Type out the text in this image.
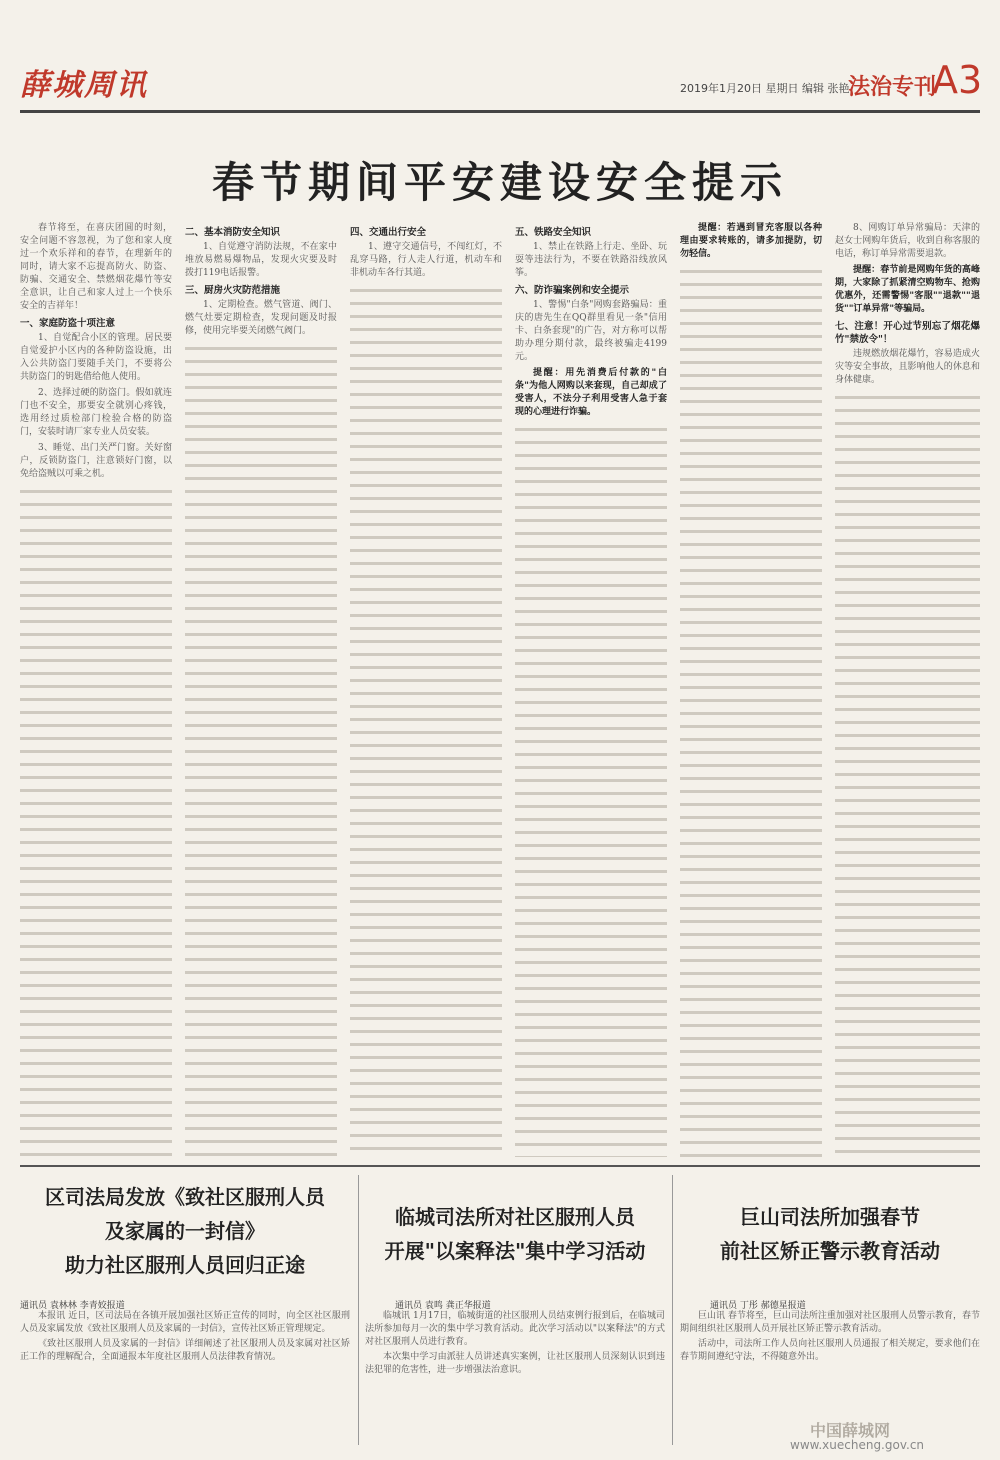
薛城周讯	2019年1月20日 星期日 编辑 张艳
法治专刊
A3
春节期间平安建设安全提示

春节将至，在喜庆团圆的时刻，安全问题不容忽视，为了您和家人度过一个欢乐祥和的春节，在理新年的同时，请大家不忘提高防火、防盗、防骗、交通安全、禁燃烟花爆竹等安全意识，让自己和家人过上一个快乐安全的吉祥年！

一、家庭防盗十项注意

1、自觉配合小区的管理。居民要自觉爱护小区内的各种防盗设施，出入公共防盗门要随手关门，不要将公共防盗门的钥匙借给他人使用。

2、选择过硬的防盗门。假如就连门也不安全，那要安全就别心疼钱，选用经过质检部门检验合格的防盗门，安装时请厂家专业人员安装。

3、睡觉、出门关严门窗。关好窗户，反锁防盗门，注意锁好门窗，以免给盗贼以可乘之机。

二、基本消防安全知识

1、自觉遵守消防法规，不在家中堆放易燃易爆物品，发现火灾要及时拨打119电话报警。

三、厨房火灾防范措施

1、定期检查。燃气管道、阀门、燃气灶要定期检查，发现问题及时报修，使用完毕要关闭燃气阀门。

四、交通出行安全

1、遵守交通信号，不闯红灯，不乱穿马路，行人走人行道，机动车和非机动车各行其道。

五、铁路安全知识

1、禁止在铁路上行走、坐卧、玩耍等违法行为，不要在铁路沿线放风筝。

六、防诈骗案例和安全提示

1、警惕"白条"网购套路骗局：重庆的唐先生在QQ群里看见一条"信用卡、白条套现"的广告，对方称可以帮助办理分期付款，最终被骗走4199元。

提醒：用先消费后付款的"白条"为他人网购以来套现，自己却成了受害人，不法分子利用受害人急于套现的心理进行诈骗。

提醒：若遇到冒充客服以各种理由要求转账的，请多加提防，切勿轻信。

8、网购订单异常骗局：天津的赵女士网购年货后，收到自称客服的电话，称订单异常需要退款。

提醒：春节前是网购年货的高峰期，大家除了抓紧清空购物车、抢购优惠外，还需警惕"客服""退款""退货""订单异常"等骗局。

七、注意！开心过节别忘了烟花爆竹"禁放令"！

违规燃放烟花爆竹，容易造成火灾等安全事故，且影响他人的休息和身体健康。

区司法局发放《致社区服刑人员
及家属的一封信》
助力社区服刑人员回归正途
临城司法所对社区服刑人员
开展"以案释法"集中学习活动
巨山司法所加强春节
前社区矫正警示教育活动
通讯员 袁林林 李青姣报道	通讯员 袁鸣 龚正华报道	通讯员 丁彤 郝德星报道

本报讯 近日，区司法局在各镇开展加强社区矫正宣传的同时，向全区社区服刑人员及家属发放《致社区服刑人员及家属的一封信》，宣传社区矫正管理规定。

《致社区服刑人员及家属的一封信》详细阐述了社区服刑人员及家属对社区矫正工作的理解配合，全面通报本年度社区服刑人员法律教育情况。

临城讯 1月17日，临城街道的社区服刑人员结束例行报到后，在临城司法所参加每月一次的集中学习教育活动。此次学习活动以"以案释法"的方式对社区服刑人员进行教育。

本次集中学习由派驻人员讲述真实案例，让社区服刑人员深刻认识到违法犯罪的危害性，进一步增强法治意识。

巨山讯 春节将至，巨山司法所注重加强对社区服刑人员警示教育，春节期间组织社区服刑人员开展社区矫正警示教育活动。

活动中，司法所工作人员向社区服刑人员通报了相关规定，要求他们在春节期间遵纪守法，不得随意外出。

中国薛城网
www.xuecheng.gov.cn
